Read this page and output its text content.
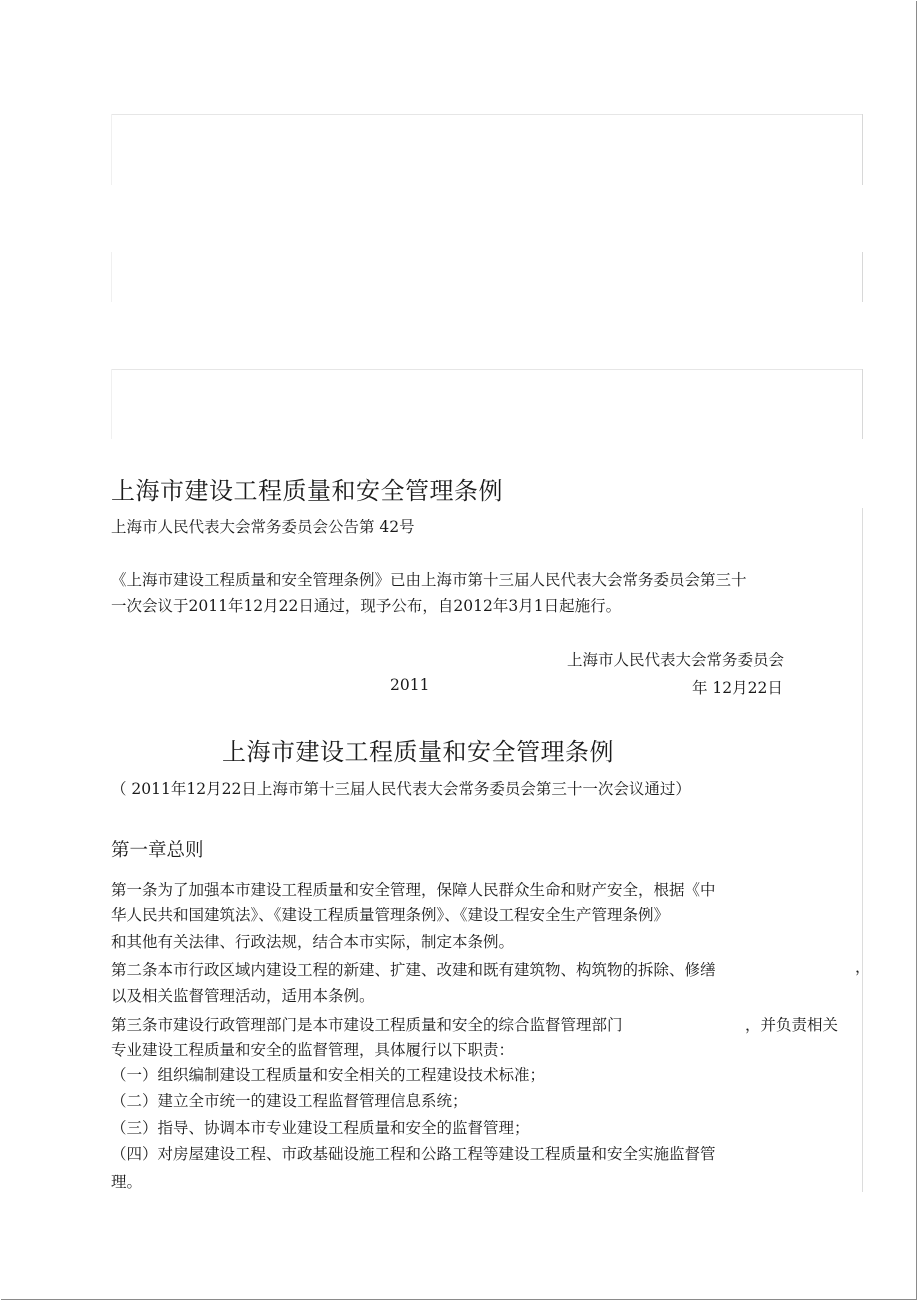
上海市建设工程质量和安全管理条例
上海市人民代表大会常务委员会公告第 42号
《上海市建设工程质量和安全管理条例》已由上海市第十三届人民代表大会常务委员会第三十
一次会议于2011年12月22日通过，现予公布，自2012年3月1日起施行。
上海市人民代表大会常务委员会
2011	年 12月22日
上海市建设工程质量和安全管理条例
（ 2011年12月22日上海市第十三届人民代表大会常务委员会第三十一次会议通过）
第一章总则
第一条为了加强本市建设工程质量和安全管理，保障人民群众生命和财产安全，根据《中
华人民共和国建筑法》、《建设工程质量管理条例》、《建设工程安全生产管理条例》
和其他有关法律、行政法规，结合本市实际，制定本条例。
第二条本市行政区域内建设工程的新建、扩建、改建和既有建筑物、构筑物的拆除、修缮	，
以及相关监督管理活动，适用本条例。
第三条市建设行政管理部门是本市建设工程质量和安全的综合监督管理部门	，并负责相关
专业建设工程质量和安全的监督管理，具体履行以下职责：
（一）组织编制建设工程质量和安全相关的工程建设技术标准；
（二）建立全市统一的建设工程监督管理信息系统；
（三）指导、协调本市专业建设工程质量和安全的监督管理；
（四）对房屋建设工程、市政基础设施工程和公路工程等建设工程质量和安全实施监督管
理。
